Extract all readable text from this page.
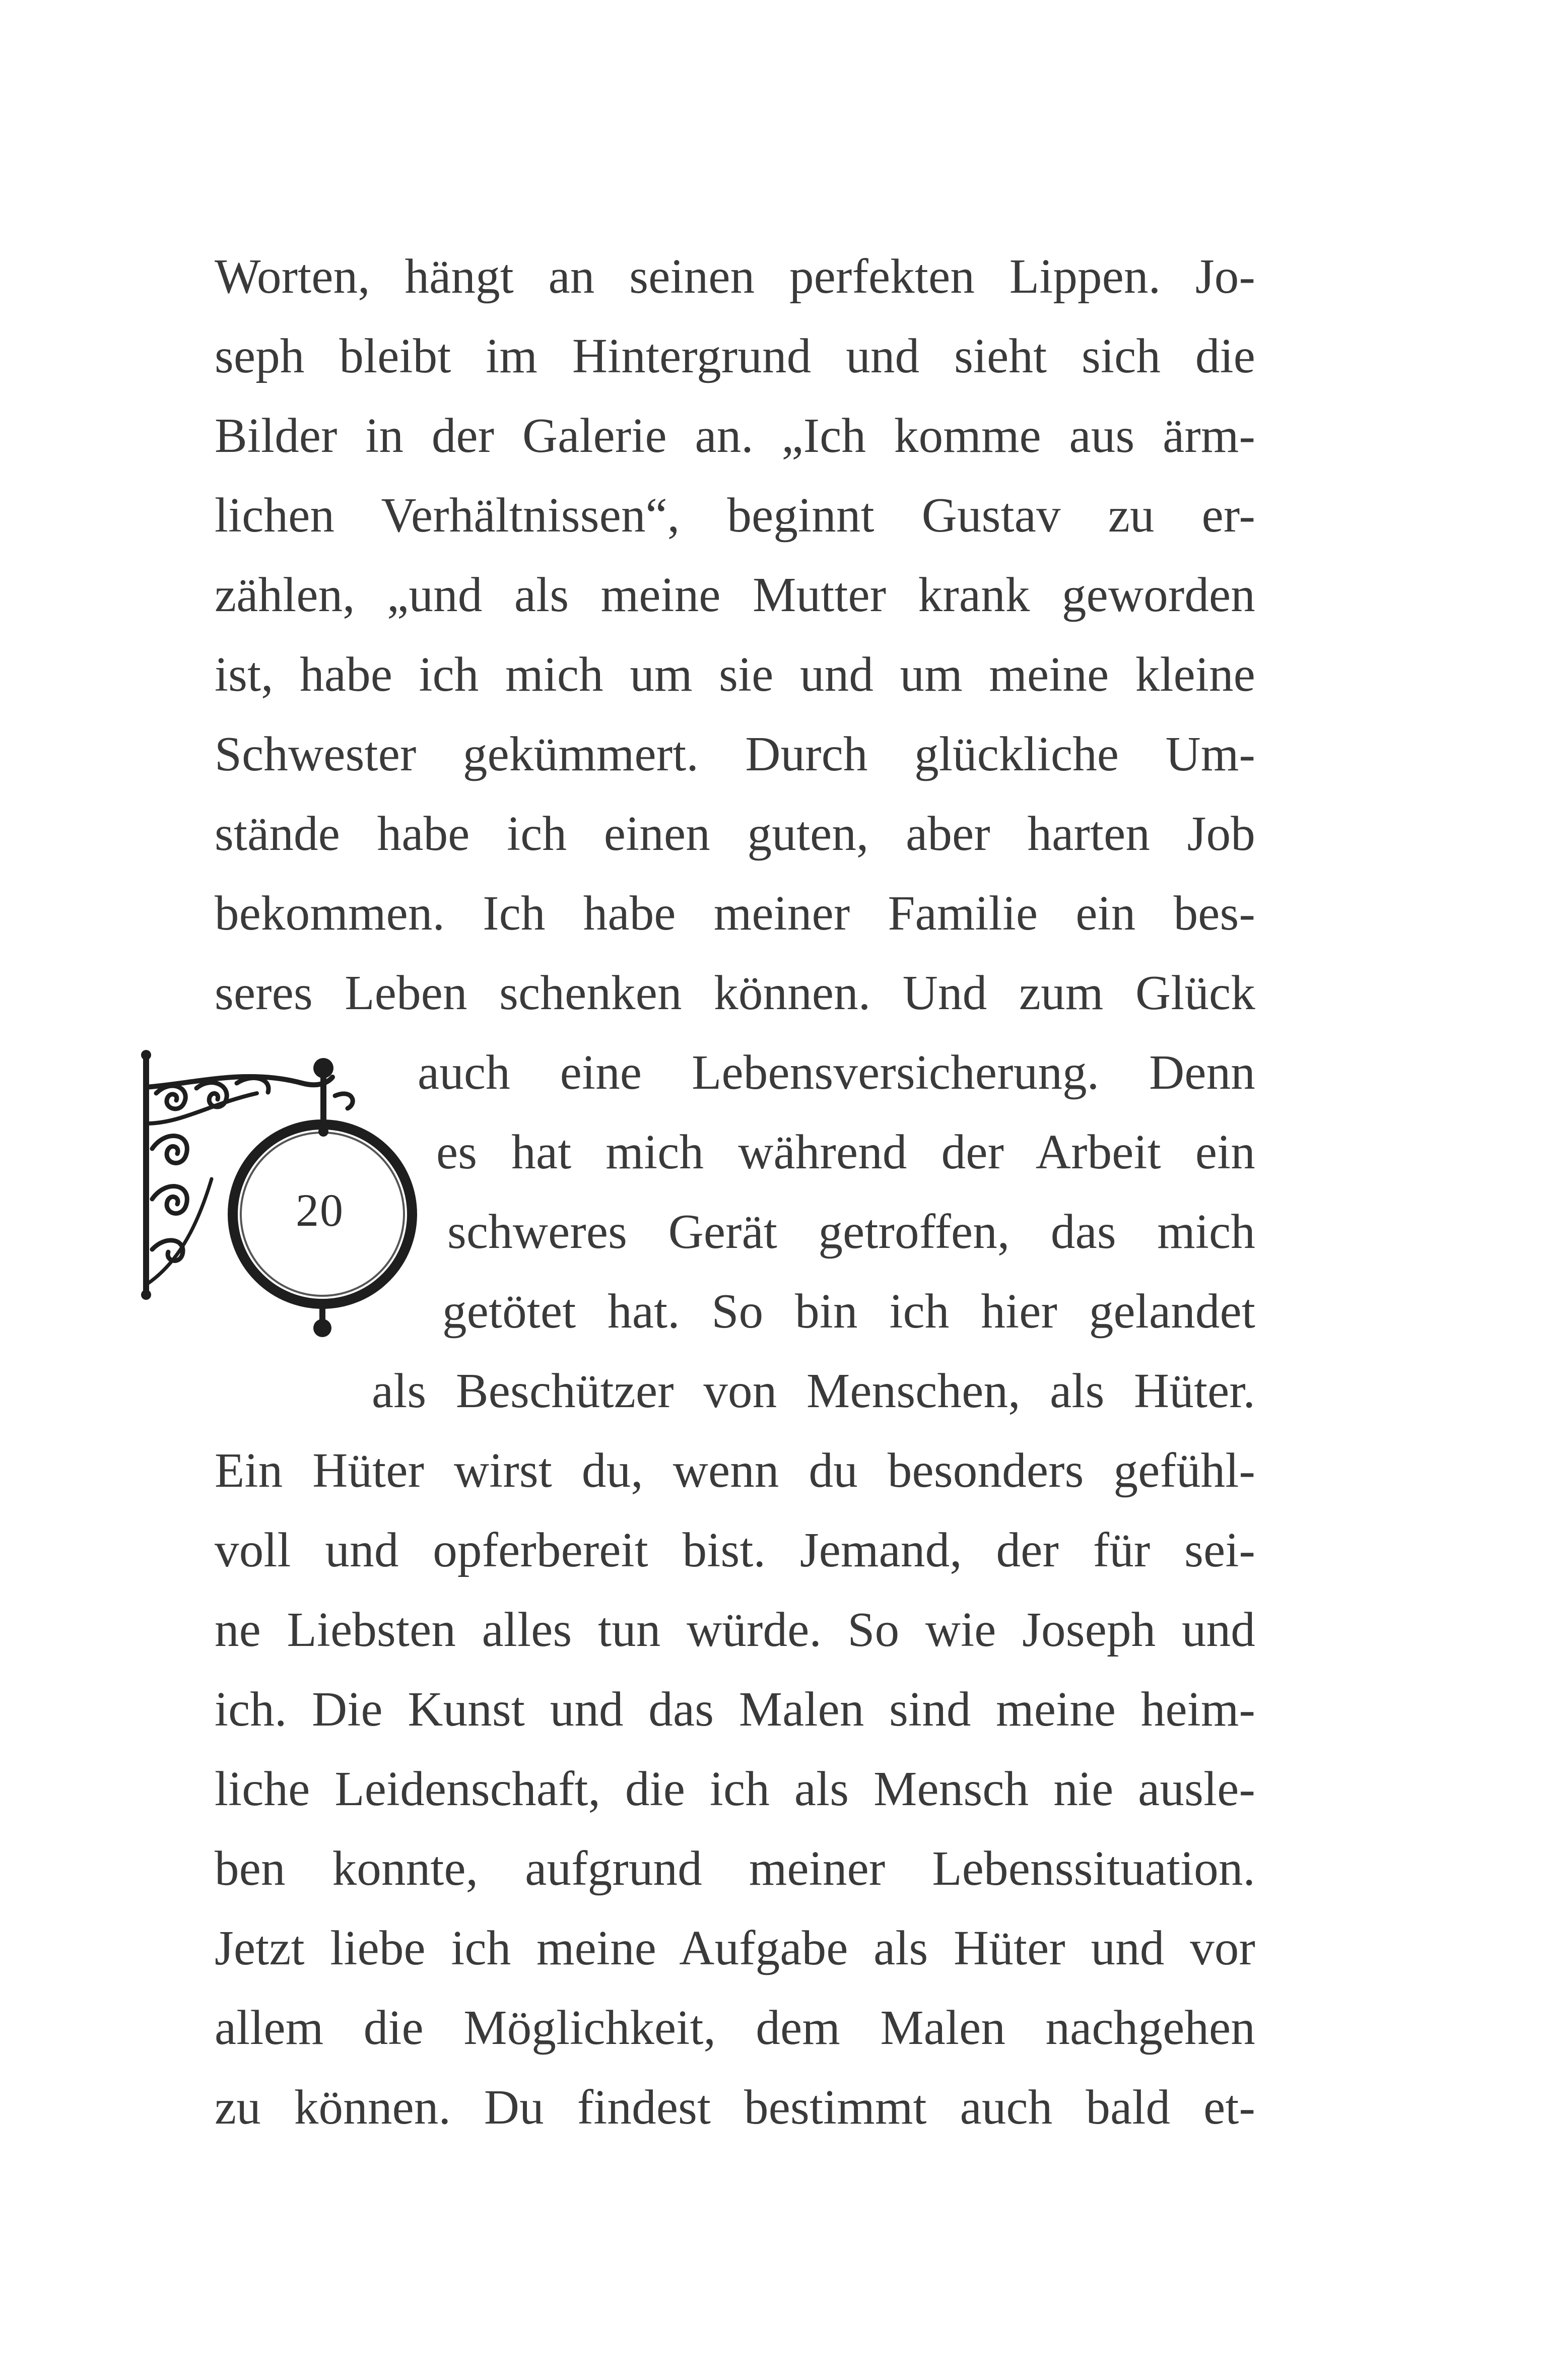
Worten, hängt an seinen perfekten Lippen. Jo-
seph bleibt im Hintergrund und sieht sich die
Bilder in der Galerie an. „Ich komme aus ärm-
lichen Verhältnissen“, beginnt Gustav zu er-
zählen, „und als meine Mutter krank geworden
ist, habe ich mich um sie und um meine kleine
Schwester gekümmert. Durch glückliche Um-
stände habe ich einen guten, aber harten Job
bekommen. Ich habe meiner Familie ein bes-
seres Leben schenken können. Und zum Glück
auch eine Lebensversicherung. Denn
es hat mich während der Arbeit ein
schweres Gerät getroffen, das mich
getötet hat. So bin ich hier gelandet
als Beschützer von Menschen, als Hüter.
Ein Hüter wirst du, wenn du besonders gefühl-
voll und opferbereit bist. Jemand, der für sei-
ne Liebsten alles tun würde. So wie Joseph und
ich. Die Kunst und das Malen sind meine heim-
liche Leidenschaft, die ich als Mensch nie ausle-
ben konnte, aufgrund meiner Lebenssituation.
Jetzt liebe ich meine Aufgabe als Hüter und vor
allem die Möglichkeit, dem Malen nachgehen
zu können. Du findest bestimmt auch bald et-
20
